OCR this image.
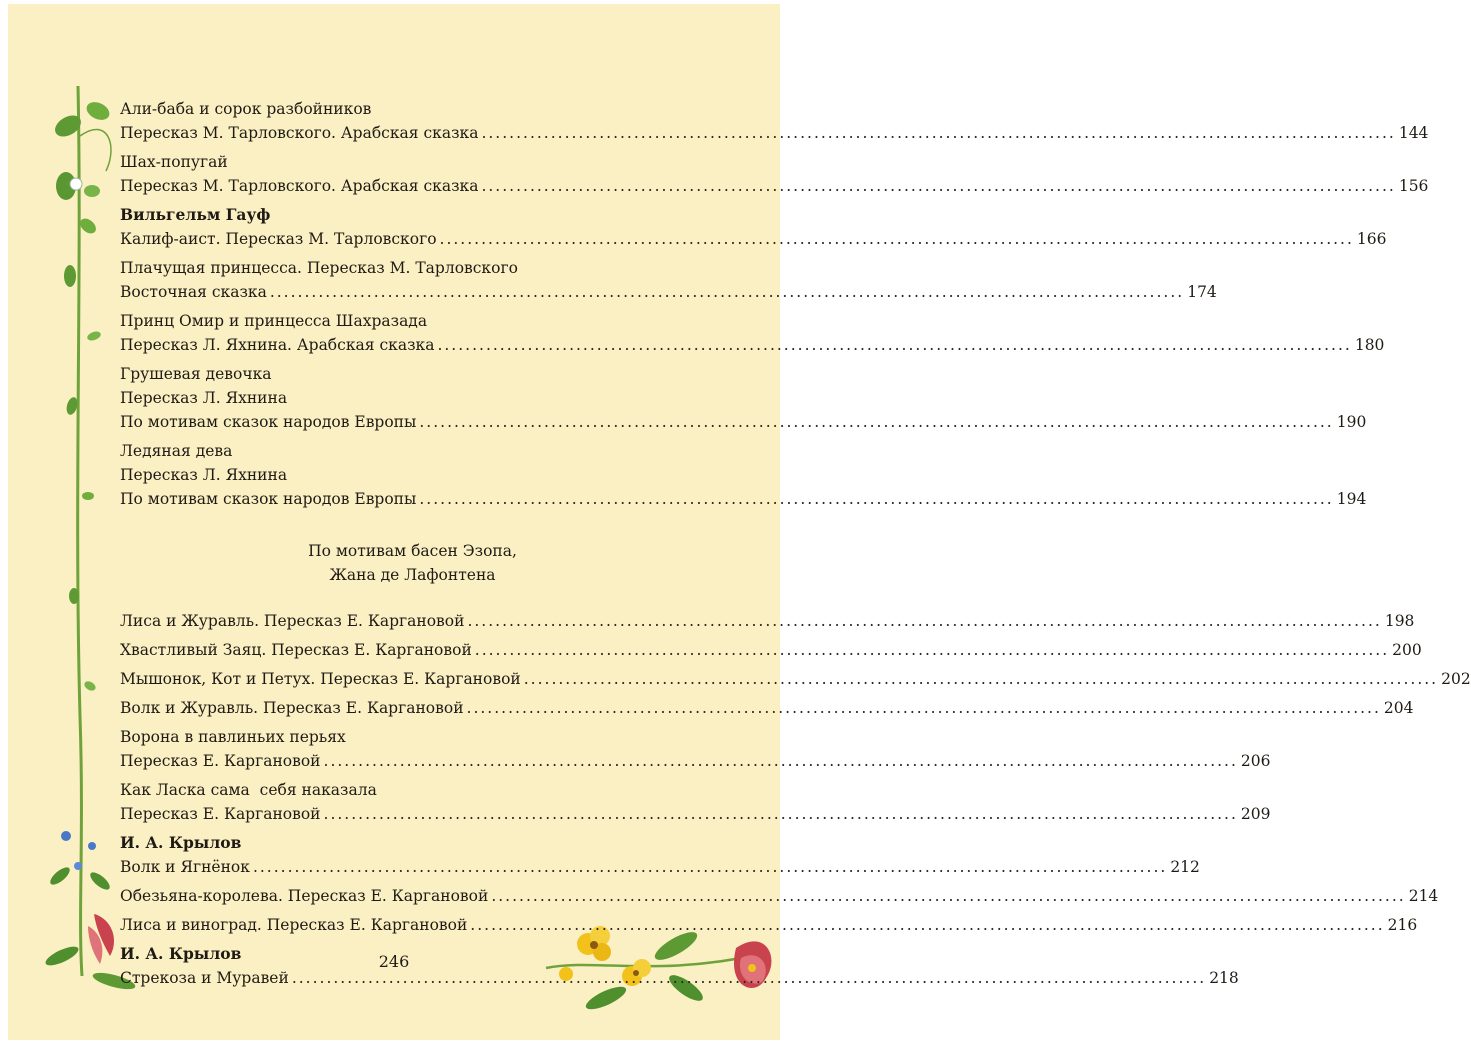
Али-баба и сорок разбойников
Пересказ М. Тарловского. Арабская сказка .................................................................................................................................... 144
Шах-попугай
Пересказ М. Тарловского. Арабская сказка .................................................................................................................................... 156
Вильгельм Гауф
Калиф-аист. Пересказ М. Тарловского .................................................................................................................................... 166
Плачущая принцесса. Пересказ М. Тарловского
Восточная сказка .................................................................................................................................... 174
Принц Омир и принцесса Шахразада
Пересказ Л. Яхнина. Арабская сказка .................................................................................................................................... 180
Грушевая девочка
Пересказ Л. Яхнина
По мотивам сказок народов Европы .................................................................................................................................... 190
Ледяная дева
Пересказ Л. Яхнина
По мотивам сказок народов Европы .................................................................................................................................... 194
По мотивам басен Эзопа,
Жана де Лафонтена
Лиса и Журавль. Пересказ Е. Каргановой .................................................................................................................................... 198
Хвастливый Заяц. Пересказ Е. Каргановой .................................................................................................................................... 200
Мышонок, Кот и Петух. Пересказ Е. Каргановой .................................................................................................................................... 202
Волк и Журавль. Пересказ Е. Каргановой .................................................................................................................................... 204
Ворона в павлиньих перьях
Пересказ Е. Каргановой .................................................................................................................................... 206
Как Ласка сама  себя наказала
Пересказ Е. Каргановой .................................................................................................................................... 209
И. А. Крылов
Волк и Ягнёнок .................................................................................................................................... 212
Обезьяна-королева. Пересказ Е. Каргановой .................................................................................................................................... 214
Лиса и виноград. Пересказ Е. Каргановой .................................................................................................................................... 216
И. А. Крылов
Стрекоза и Муравей .................................................................................................................................... 218
246
